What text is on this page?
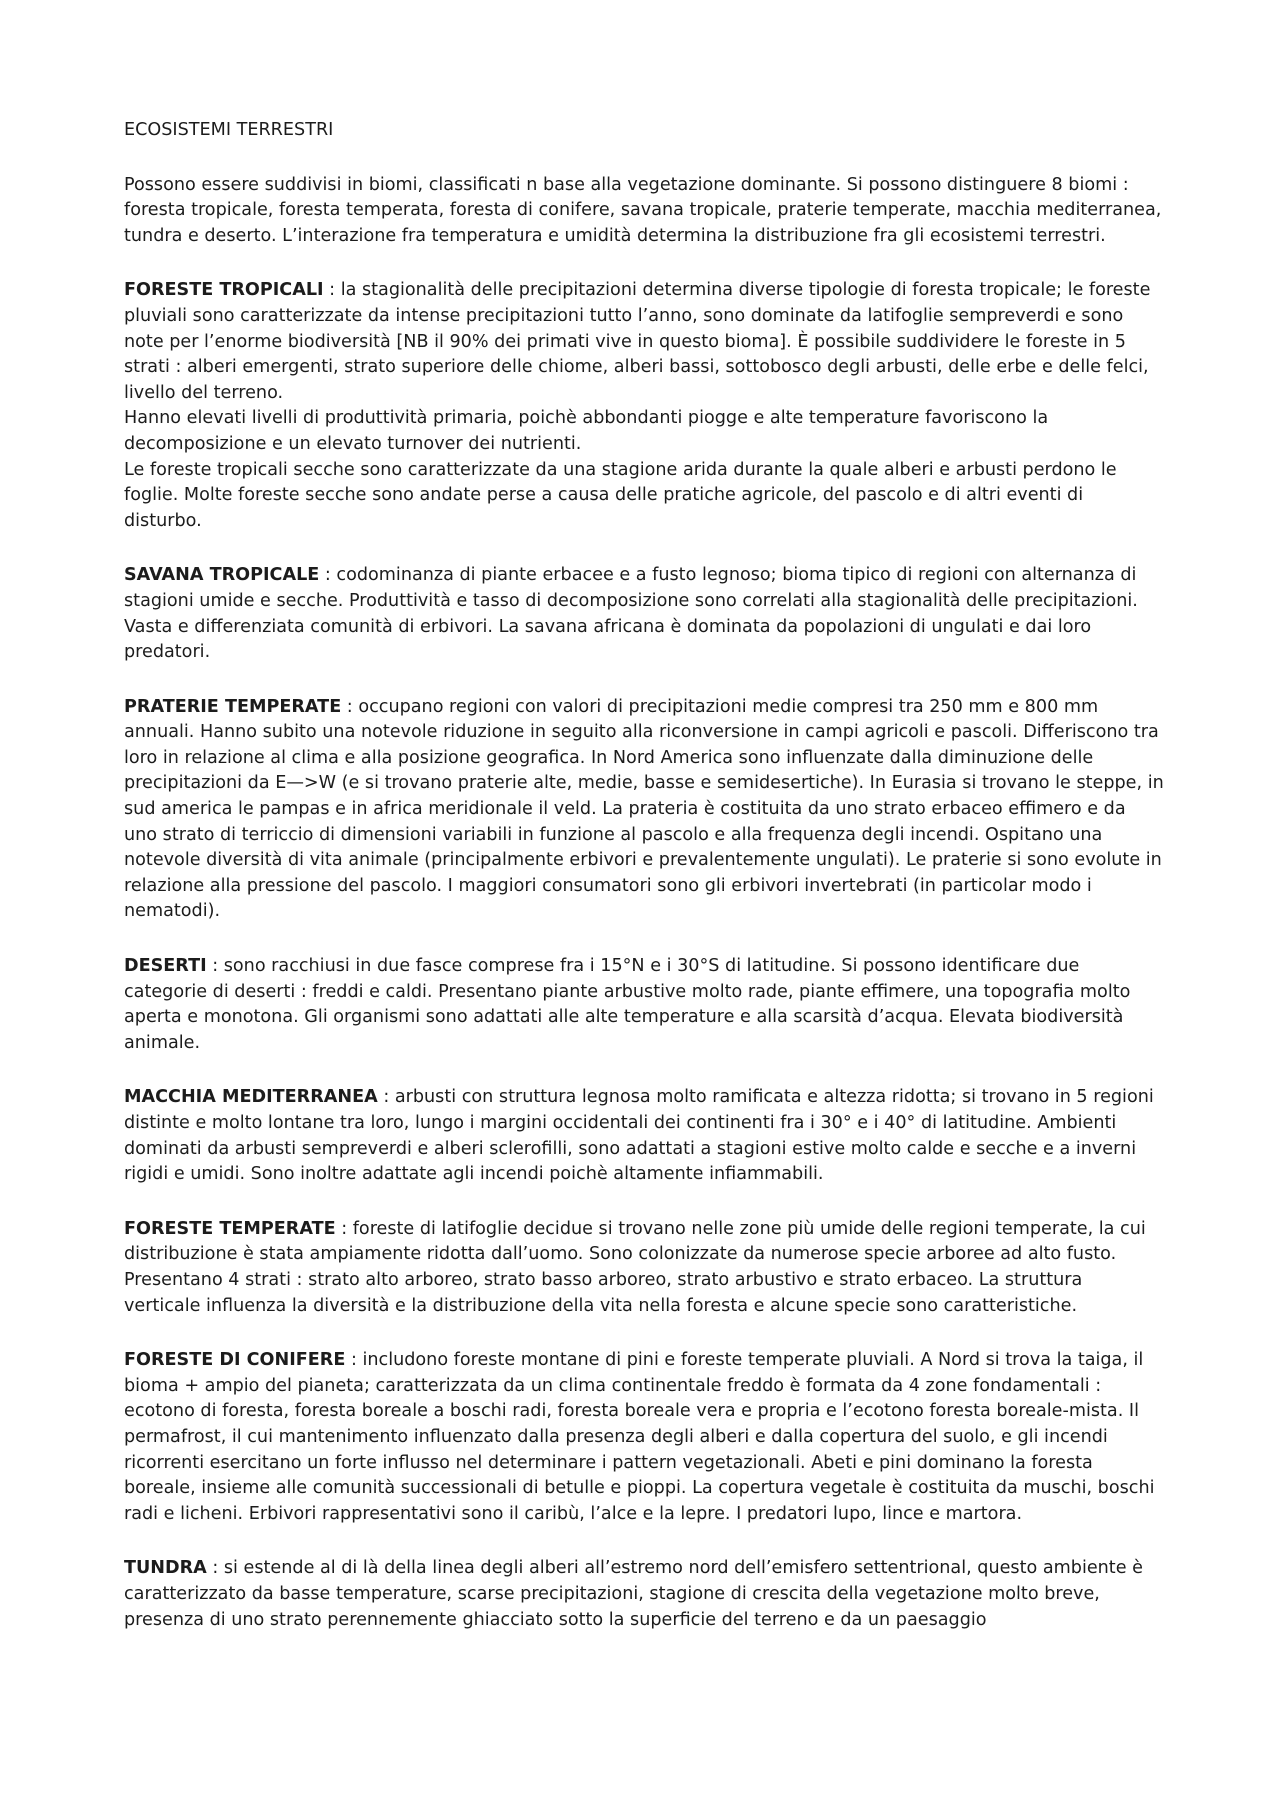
ECOSISTEMI TERRESTRI

Possono essere suddivisi in biomi, classificati n base alla vegetazione dominante. Si possono distinguere 8 biomi : foresta tropicale, foresta temperata, foresta di conifere, savana tropicale, praterie temperate, macchia mediterranea, tundra e deserto. L’interazione fra temperatura e umidità determina la distribuzione fra gli ecosistemi terrestri.

FORESTE TROPICALI : la stagionalità delle precipitazioni determina diverse tipologie di foresta tropicale; le foreste pluviali sono caratterizzate da intense precipitazioni tutto l’anno, sono dominate da latifoglie sempreverdi e sono note per l’enorme biodiversità [NB il 90% dei primati vive in questo bioma]. È possibile suddividere le foreste in 5 strati : alberi emergenti, strato superiore delle chiome, alberi bassi, sottobosco degli arbusti, delle erbe e delle felci, livello del terreno.
Hanno elevati livelli di produttività primaria, poichè abbondanti piogge e alte temperature favoriscono la decomposizione e un elevato turnover dei nutrienti.
Le foreste tropicali secche sono caratterizzate da una stagione arida durante la quale alberi e arbusti perdono le foglie. Molte foreste secche sono andate perse a causa delle pratiche agricole, del pascolo e di altri eventi di disturbo.

SAVANA TROPICALE : codominanza di piante erbacee e a fusto legnoso; bioma tipico di regioni con alternanza di stagioni umide e secche. Produttività e tasso di decomposizione sono correlati alla stagionalità delle precipitazioni. Vasta e differenziata comunità di erbivori. La savana africana è dominata da popolazioni di ungulati e dai loro predatori.

PRATERIE TEMPERATE : occupano regioni con valori di precipitazioni medie compresi tra 250 mm e 800 mm annuali. Hanno subito una notevole riduzione in seguito alla riconversione in campi agricoli e pascoli. Differiscono tra loro in relazione al clima e alla posizione geografica. In Nord America sono influenzate dalla diminuzione delle precipitazioni da E—>W (e si trovano praterie alte, medie, basse e semidesertiche). In Eurasia si trovano le steppe, in sud america le pampas e in africa meridionale il veld. La prateria è costituita da uno strato erbaceo effimero e da uno strato di terriccio di dimensioni variabili in funzione al pascolo e alla frequenza degli incendi. Ospitano una notevole diversità di vita animale (principalmente erbivori e prevalentemente ungulati). Le praterie si sono evolute in relazione alla pressione del pascolo. I maggiori consumatori sono gli erbivori invertebrati (in particolar modo i nematodi).

DESERTI : sono racchiusi in due fasce comprese fra i 15°N e i 30°S di latitudine. Si possono identificare due categorie di deserti : freddi e caldi. Presentano piante arbustive molto rade, piante effimere, una topografia molto aperta e monotona. Gli organismi sono adattati alle alte temperature e alla scarsità d’acqua. Elevata biodiversità animale.

MACCHIA MEDITERRANEA : arbusti con struttura legnosa molto ramificata e altezza ridotta; si trovano in 5 regioni distinte e molto lontane tra loro, lungo i margini occidentali dei continenti fra i 30° e i 40° di latitudine. Ambienti dominati da arbusti sempreverdi e alberi sclerofilli, sono adattati a stagioni estive molto calde e secche e a inverni rigidi e umidi. Sono inoltre adattate agli incendi poichè altamente infiammabili.

FORESTE TEMPERATE : foreste di latifoglie decidue si trovano nelle zone più umide delle regioni temperate, la cui distribuzione è stata ampiamente ridotta dall’uomo. Sono colonizzate da numerose specie arboree ad alto fusto. Presentano 4 strati : strato alto arboreo, strato basso arboreo, strato arbustivo e strato erbaceo. La struttura verticale influenza la diversità e la distribuzione della vita nella foresta e alcune specie sono caratteristiche.

FORESTE DI CONIFERE : includono foreste montane di pini e foreste temperate pluviali. A Nord si trova la taiga, il bioma + ampio del pianeta; caratterizzata da un clima continentale freddo è formata da 4 zone fondamentali : ecotono di foresta, foresta boreale a boschi radi, foresta boreale vera e propria e l’ecotono foresta boreale-mista. Il permafrost, il cui mantenimento influenzato dalla presenza degli alberi e dalla copertura del suolo, e gli incendi ricorrenti esercitano un forte influsso nel determinare i pattern vegetazionali. Abeti e pini dominano la foresta boreale, insieme alle comunità successionali di betulle e pioppi. La copertura vegetale è costituita da muschi, boschi radi e licheni. Erbivori rappresentativi sono il caribù, l’alce e la lepre. I predatori lupo, lince e martora.

TUNDRA : si estende al di là della linea degli alberi all’estremo nord dell’emisfero settentrional, questo ambiente è caratterizzato da basse temperature, scarse precipitazioni, stagione di crescita della vegetazione molto breve, presenza di uno strato perennemente ghiacciato sotto la superficie del terreno e da un paesaggio
